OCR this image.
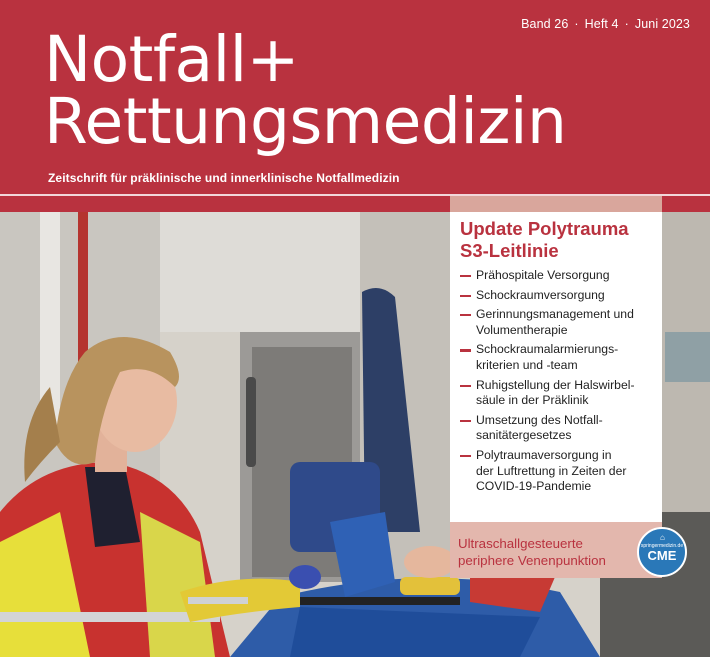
Band 26 · Heft 4 · Juni 2023
Notfall+
Rettungsmedizin
Zeitschrift für präklinische und innerklinische Notfallmedizin
Update Polytrauma
S3-Leitlinie
Prähospitale Versorgung
Schockraumversorgung
Gerinnungsmanagement und
Volumentherapie
Schockraumalarmierungs-
kriterien und -team
Ruhigstellung der Halswirbel-
säule in der Präklinik
Umsetzung des Notfall-
sanitätergesetzes
Polytraumaversorgung in
der Luftrettung in Zeiten der
COVID-19-Pandemie
Ultraschallgesteuerte
periphere Venenpunktion
⌂
springermedizin.de
CME
